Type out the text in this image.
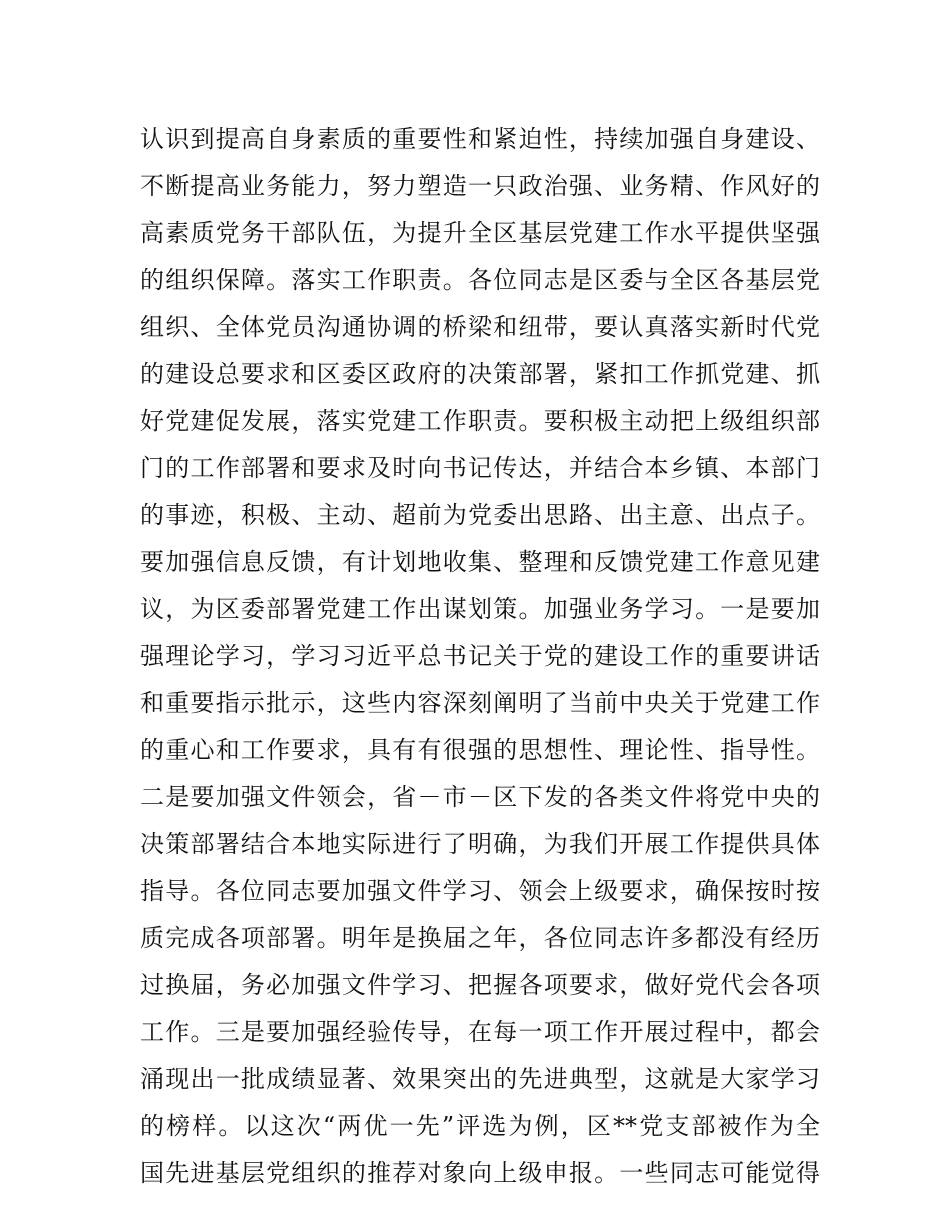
认识到提高自身素质的重要性和紧迫性，持续加强自身建设、
不断提高业务能力，努力塑造一只政治强、业务精、作风好的
高素质党务干部队伍，为提升全区基层党建工作水平提供坚强
的组织保障。落实工作职责。各位同志是区委与全区各基层党
组织、全体党员沟通协调的桥梁和纽带，要认真落实新时代党
的建设总要求和区委区政府的决策部署，紧扣工作抓党建、抓
好党建促发展，落实党建工作职责。要积极主动把上级组织部
门的工作部署和要求及时向书记传达，并结合本乡镇、本部门
的事迹，积极、主动、超前为党委出思路、出主意、出点子。
要加强信息反馈，有计划地收集、整理和反馈党建工作意见建
议，为区委部署党建工作出谋划策。加强业务学习。一是要加
强理论学习，学习习近平总书记关于党的建设工作的重要讲话
和重要指示批示，这些内容深刻阐明了当前中央关于党建工作
的重心和工作要求，具有有很强的思想性、理论性、指导性。
二是要加强文件领会，省－市－区下发的各类文件将党中央的
决策部署结合本地实际进行了明确，为我们开展工作提供具体
指导。各位同志要加强文件学习、领会上级要求，确保按时按
质完成各项部署。明年是换届之年，各位同志许多都没有经历
过换届，务必加强文件学习、把握各项要求，做好党代会各项
工作。三是要加强经验传导，在每一项工作开展过程中，都会
涌现出一批成绩显著、效果突出的先进典型，这就是大家学习
的榜样。以这次“两优一先”评选为例，区**党支部被作为全
国先进基层党组织的推荐对象向上级申报。一些同志可能觉得
